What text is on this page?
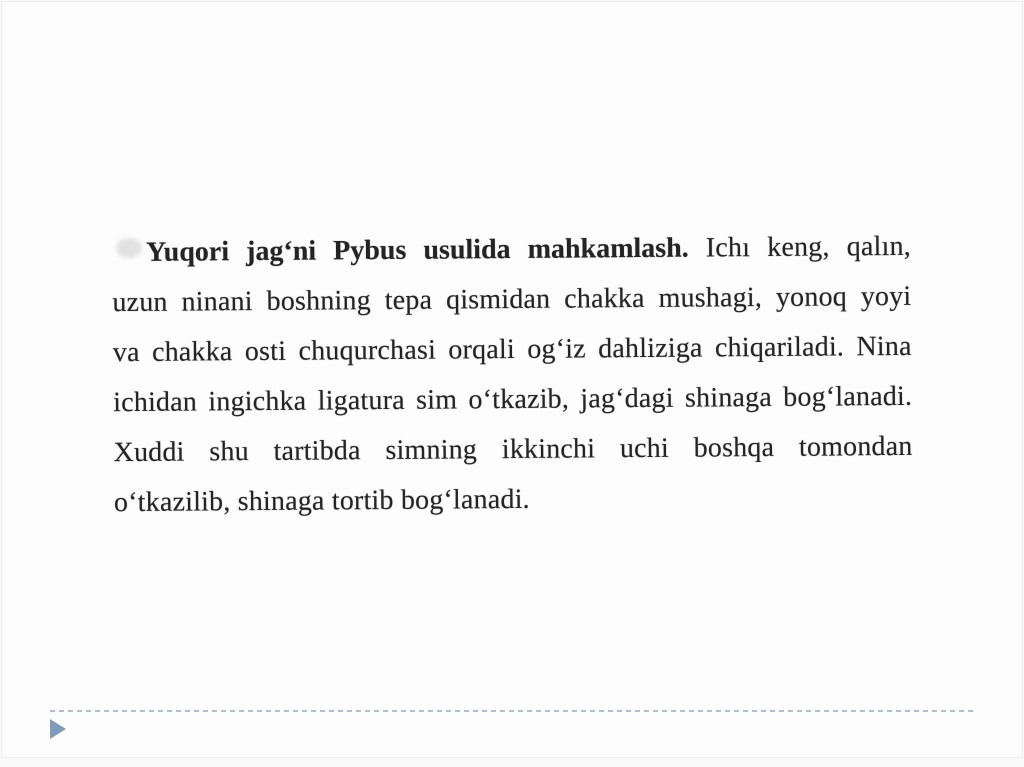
Yuqori jagʻni Pybus usulida mahkamlash. Ichı keng, qalın,
uzun ninani boshning tepa qismidan chakka mushagi, yonoq yoyi
va chakka osti chuqurchasi orqali ogʻiz dahliziga chiqariladi. Nina
ichidan ingichka ligatura sim oʻtkazib, jagʻdagi shinaga bogʻlanadi.
Xuddi shu tartibda simning ikkinchi uchi boshqa tomondan
oʻtkazilib, shinaga tortib bogʻlanadi.
